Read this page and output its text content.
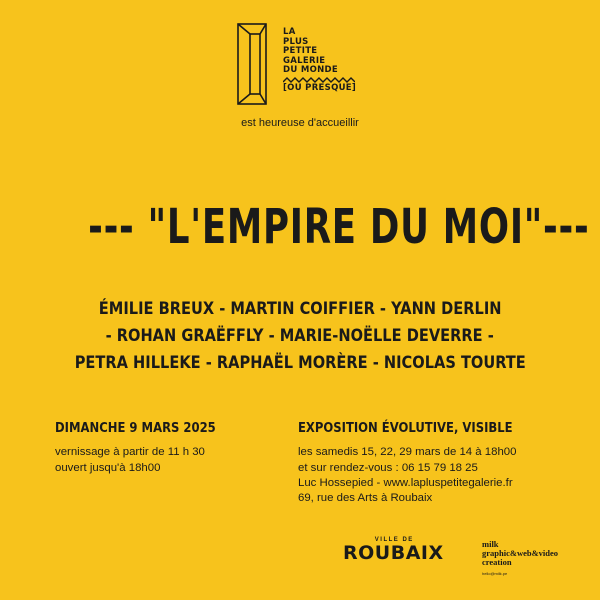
LA
PLUS
PETITE
GALERIE
DU MONDE
[OU PRESQUE]
est heureuse d'accueillir
--- "L'EMPIRE DU MOI"---
ÉMILIE BREUX - MARTIN COIFFIER - YANN DERLIN
- ROHAN GRAËFFLY - MARIE-NOËLLE DEVERRE -
PETRA HILLEKE - RAPHAËL MORÈRE - NICOLAS TOURTE
DIMANCHE 9 MARS 2025
vernissage à partir de 11 h 30
ouvert jusqu'à 18h00
EXPOSITION ÉVOLUTIVE, VISIBLE
les samedis 15, 22, 29 mars de 14 à 18h00
et sur rendez-vous : 06 15 79 18 25
Luc Hossepied - www.lapluspetitegalerie.fr
69, rue des Arts à Roubaix
VILLE DE
ROUBAIX	milk
graphic&web&video
creation
hello@milk.pe
